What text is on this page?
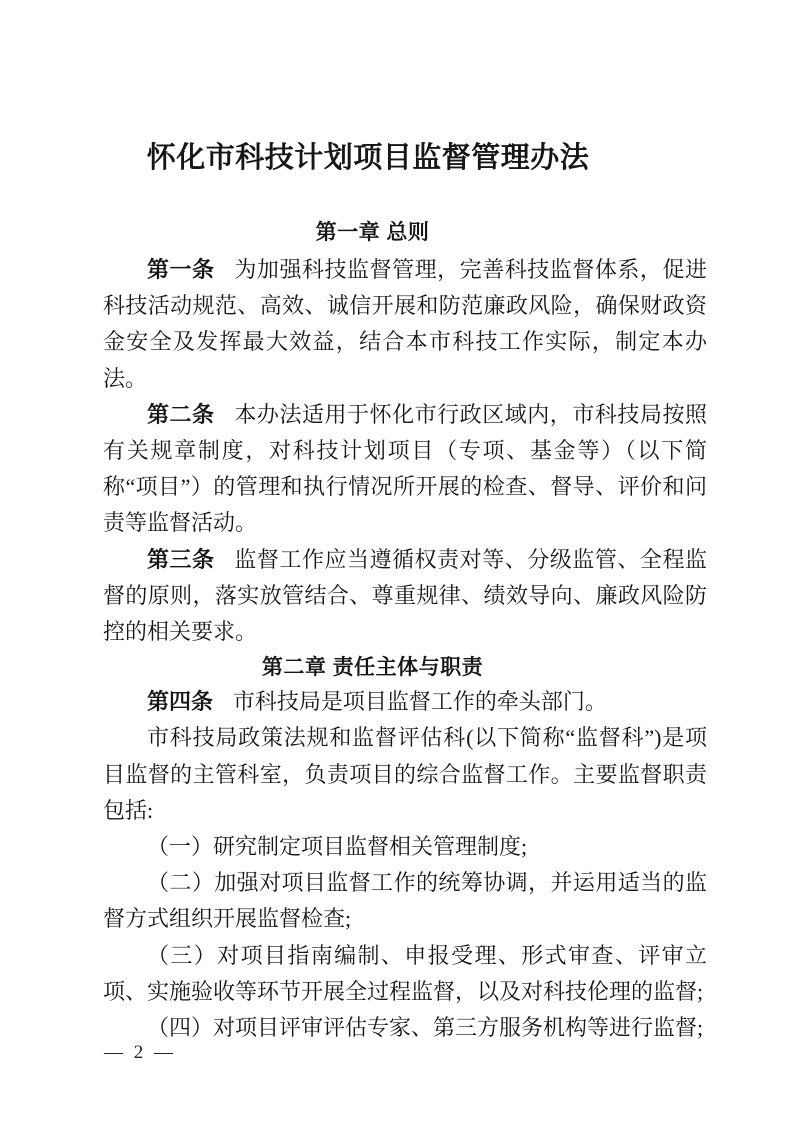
怀化市科技计划项目监督管理办法
第一章 总则

第一条 为加强科技监督管理，完善科技监督体系，促进科技活动规范、高效、诚信开展和防范廉政风险，确保财政资金安全及发挥最大效益，结合本市科技工作实际，制定本办法。

第二条 本办法适用于怀化市行政区域内，市科技局按照有关规章制度，对科技计划项目（专项、基金等）（以下简称“项目”）的管理和执行情况所开展的检查、督导、评价和问责等监督活动。

第三条 监督工作应当遵循权责对等、分级监管、全程监督的原则，落实放管结合、尊重规律、绩效导向、廉政风险防控的相关要求。

第二章 责任主体与职责

第四条 市科技局是项目监督工作的牵头部门。

市科技局政策法规和监督评估科(以下简称“监督科”)是项目监督的主管科室，负责项目的综合监督工作。主要监督职责包括:

（一）研究制定项目监督相关管理制度;

（二）加强对项目监督工作的统筹协调，并运用适当的监督方式组织开展监督检查;

（三）对项目指南编制、申报受理、形式审查、评审立项、实施验收等环节开展全过程监督，以及对科技伦理的监督;

（四）对项目评审评估专家、第三方服务机构等进行监督;

— 2 —
